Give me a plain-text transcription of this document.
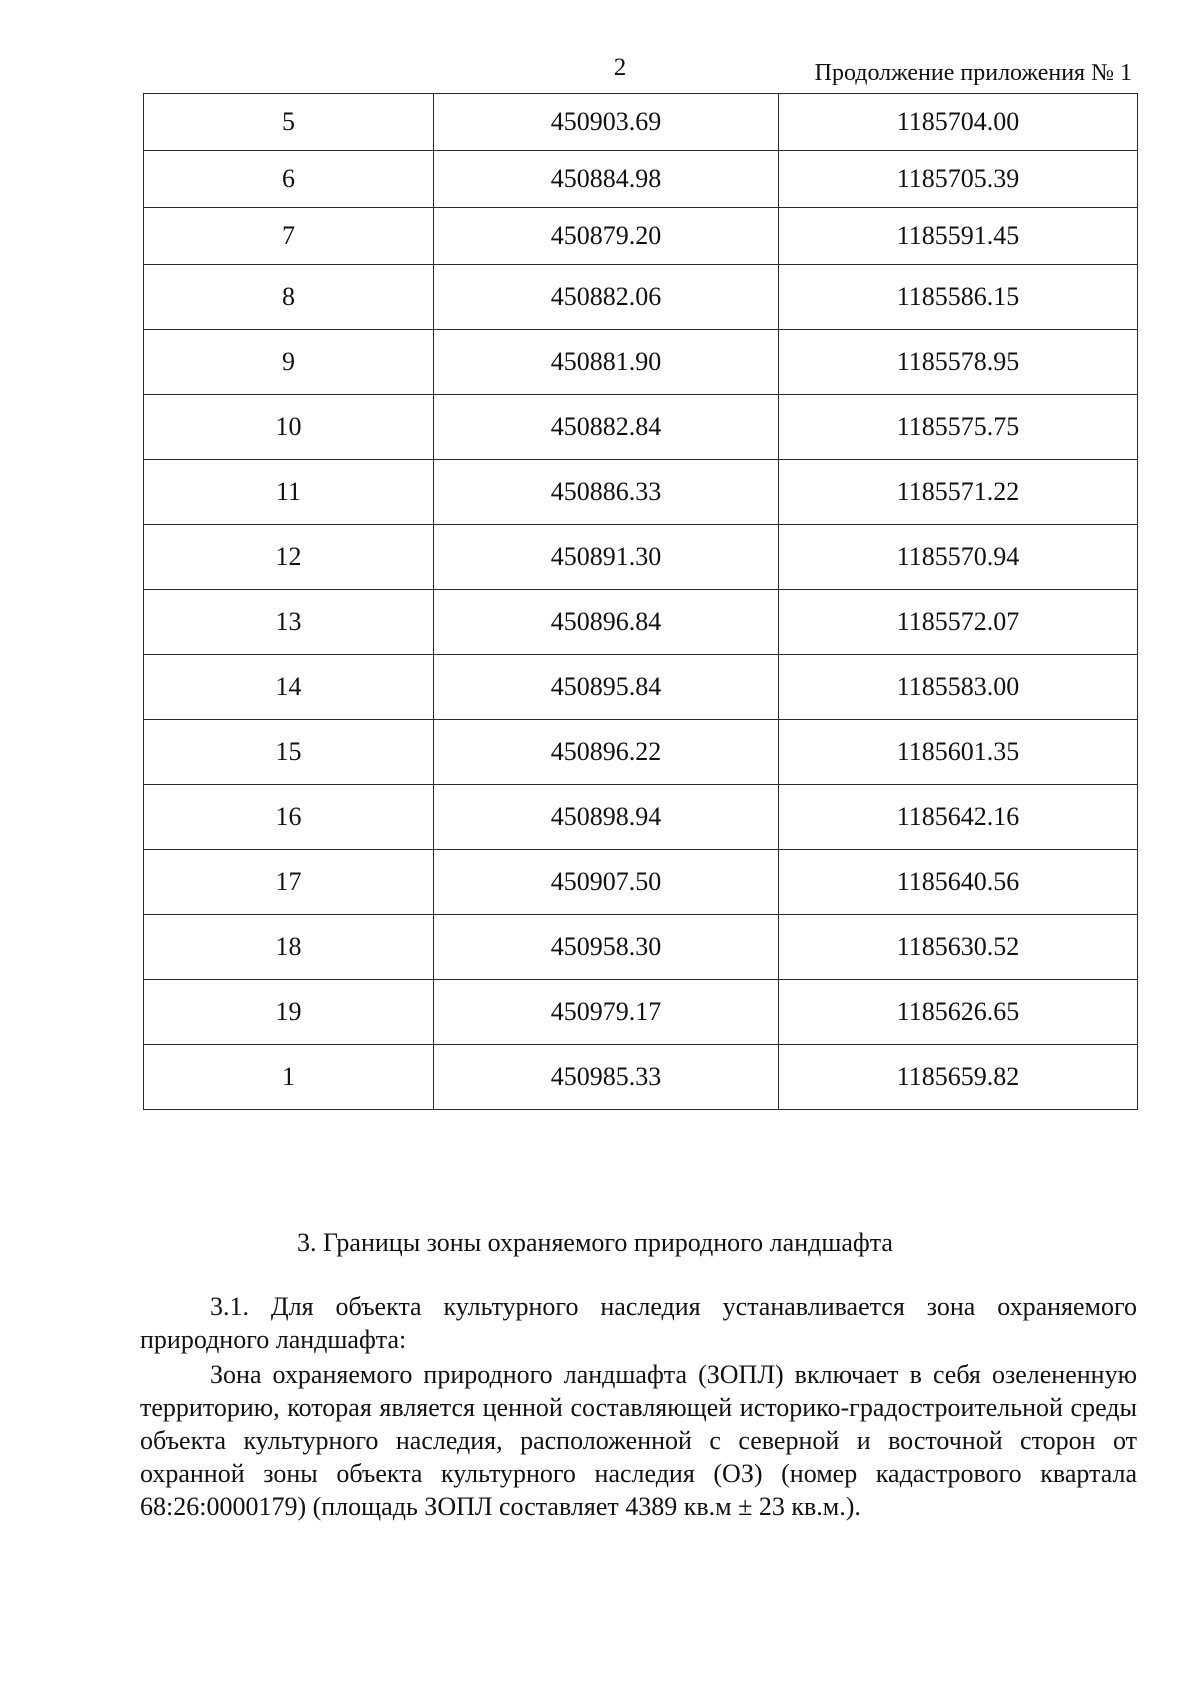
2	Продолжение приложения № 1
5	450903.69	1185704.00
6	450884.98	1185705.39
7	450879.20	1185591.45
8	450882.06	1185586.15
9	450881.90	1185578.95
10	450882.84	1185575.75
11	450886.33	1185571.22
12	450891.30	1185570.94
13	450896.84	1185572.07
14	450895.84	1185583.00
15	450896.22	1185601.35
16	450898.94	1185642.16
17	450907.50	1185640.56
18	450958.30	1185630.52
19	450979.17	1185626.65
1	450985.33	1185659.82
3. Границы зоны охраняемого природного ландшафта

3.1. Для объекта культурного наследия устанавливается зона охраняемого природного ландшафта:

Зона охраняемого природного ландшафта (ЗОПЛ) включает в себя озелененную территорию, которая является ценной составляющей историко-градостроительной среды объекта культурного наследия, расположенной с северной и восточной сторон от охранной зоны объекта культурного наследия (ОЗ) (номер кадастрового квартала 68:26:0000179) (площадь ЗОПЛ составляет 4389 кв.м ± 23 кв.м.).
